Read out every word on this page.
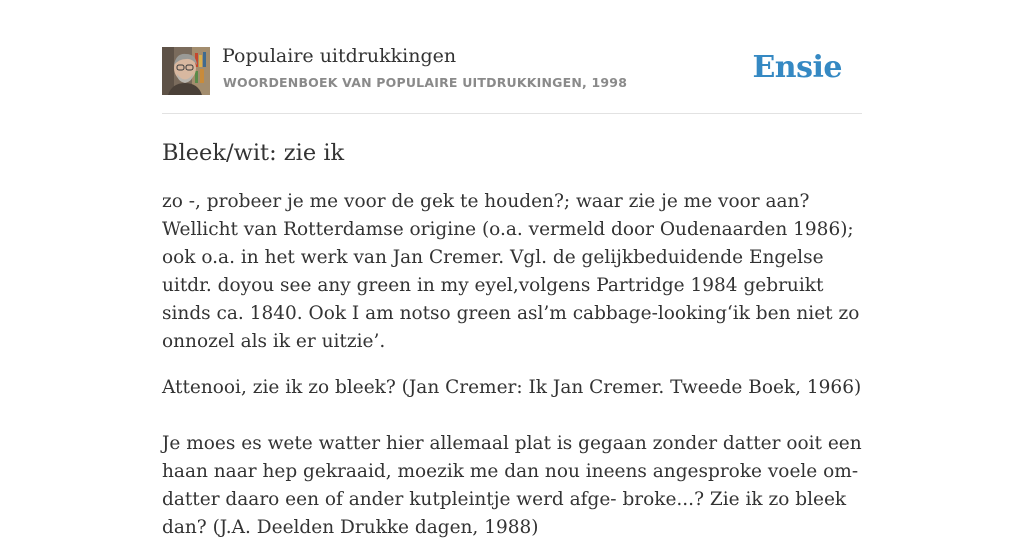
Populaire uitdrukkingen
WOORDENBOEK VAN POPULAIRE UITDRUKKINGEN, 1998	Ensie
Bleek/wit: zie ik

zo -, probeer je me voor de gek te houden?; waar zie je me voor aan? Wellicht van Rotterdamse origine (o.a. vermeld door Oudenaarden 1986); ook o.a. in het werk van Jan Cremer. Vgl. de gelijkbeduidende Engelse uitdr. doyou see any green in my eyel,volgens Partridge 1984 gebruikt sinds ca. 1840. Ook I am notso green asl’m cabbage-looking‘ik ben niet zo onnozel als ik er uitzie’.

Attenooi, zie ik zo bleek? (Jan Cremer: Ik Jan Cremer. Tweede Boek, 1966)

Je moes es wete watter hier allemaal plat is gegaan zonder datter ooit een haan naar hep gekraaid, moezik me dan nou ineens angesproke voele om- datter daaro een of ander kutpleintje werd afge- broke...? Zie ik zo bleek dan? (J.A. Deelden Drukke dagen, 1988)
